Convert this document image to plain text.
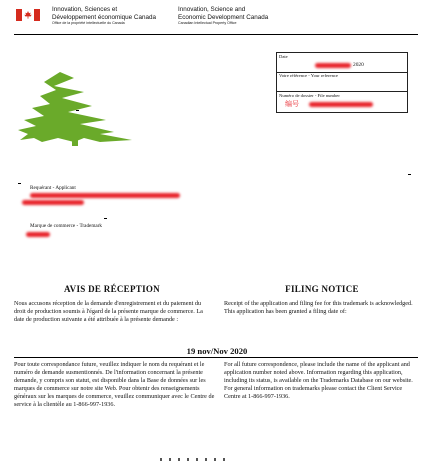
Innovation, Sciences et
Développement économique Canada
Office de la propriété intellectuelle du Canada
Innovation, Science and
Economic Development Canada
Canadian Intellectual Property Office
Date
2020
Votre référence - Your reference
Numéro de dossier - File number
编号
Requérant - Applicant
Marque de commerce - Trademark
AVIS DE RÉCEPTION	FILING NOTICE
Nous accusons réception de la demande d'enregistrement et du paiement du droit de production soumis à l'égard de la présente marque de commerce. La date de production suivante a été attribuée à la présente demande :
Receipt of the application and filing fee for this trademark is acknowledged. This application has been granted a filing date of:
19 nov/Nov 2020
Pour toute correspondance future, veuillez indiquer le nom du requérant et le numéro de demande susmentionnés. De l'information concernant la présente demande, y compris son statut, est disponible dans la Base de données sur les marques de commerce sur notre site Web. Pour obtenir des renseignements généraux sur les marques de commerce, veuillez communiquer avec le Centre de service à la clientèle au 1-866-997-1936.
For all future correspondence, please include the name of the applicant and application number noted above. Information regarding this application, including its status, is available on the Trademarks Database on our website. For general information on trademarks please contact the Client Service Centre at 1-866-997-1936.
